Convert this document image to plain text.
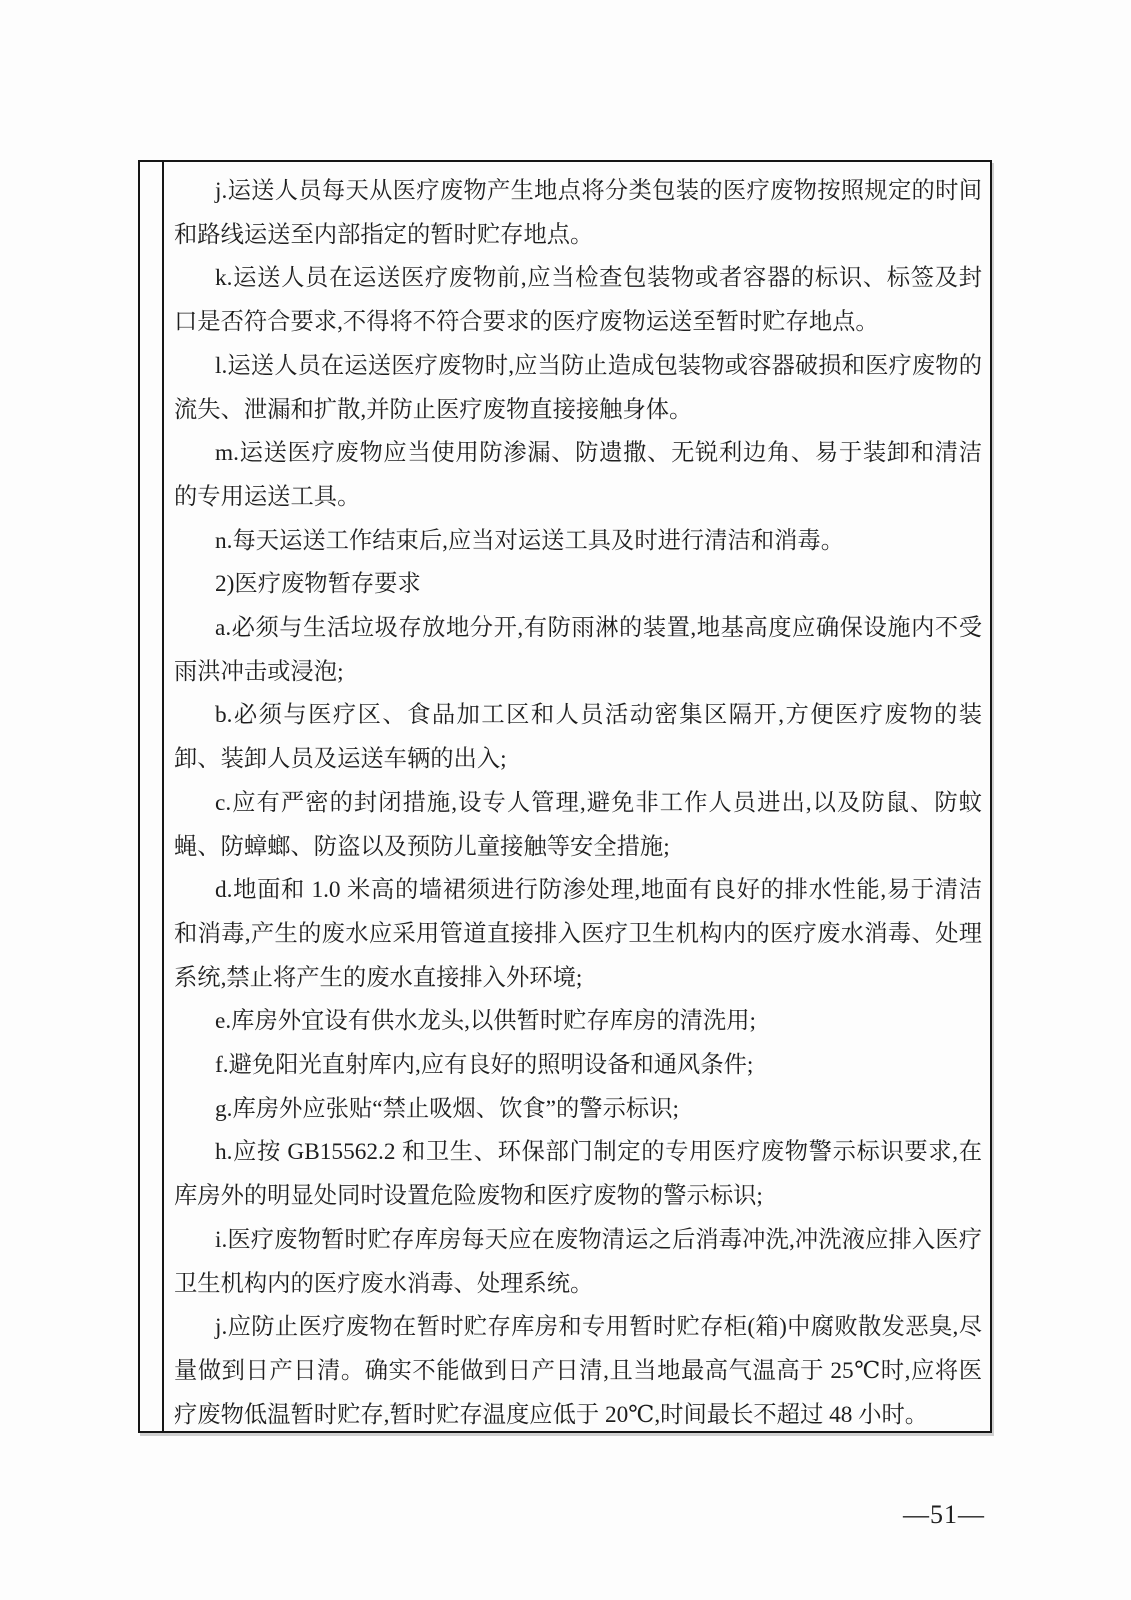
j.运送人员每天从医疗废物产生地点将分类包装的医疗废物按照规定的时间和路线运送至内部指定的暂时贮存地点。

k.运送人员在运送医疗废物前,应当检查包装物或者容器的标识、标签及封口是否符合要求,不得将不符合要求的医疗废物运送至暂时贮存地点。

l.运送人员在运送医疗废物时,应当防止造成包装物或容器破损和医疗废物的流失、泄漏和扩散,并防止医疗废物直接接触身体。

m.运送医疗废物应当使用防渗漏、防遗撒、无锐利边角、易于装卸和清洁的专用运送工具。

n.每天运送工作结束后,应当对运送工具及时进行清洁和消毒。

2)医疗废物暂存要求

a.必须与生活垃圾存放地分开,有防雨淋的装置,地基高度应确保设施内不受雨洪冲击或浸泡;

b.必须与医疗区、食品加工区和人员活动密集区隔开,方便医疗废物的装卸、装卸人员及运送车辆的出入;

c.应有严密的封闭措施,设专人管理,避免非工作人员进出,以及防鼠、防蚊蝇、防蟑螂、防盗以及预防儿童接触等安全措施;

d.地面和 1.0 米高的墙裙须进行防渗处理,地面有良好的排水性能,易于清洁和消毒,产生的废水应采用管道直接排入医疗卫生机构内的医疗废水消毒、处理系统,禁止将产生的废水直接排入外环境;

e.库房外宜设有供水龙头,以供暂时贮存库房的清洗用;

f.避免阳光直射库内,应有良好的照明设备和通风条件;

g.库房外应张贴“禁止吸烟、饮食”的警示标识;

h.应按 GB15562.2 和卫生、环保部门制定的专用医疗废物警示标识要求,在库房外的明显处同时设置危险废物和医疗废物的警示标识;

i.医疗废物暂时贮存库房每天应在废物清运之后消毒冲洗,冲洗液应排入医疗卫生机构内的医疗废水消毒、处理系统。

j.应防止医疗废物在暂时贮存库房和专用暂时贮存柜(箱)中腐败散发恶臭,尽量做到日产日清。确实不能做到日产日清,且当地最高气温高于 25℃时,应将医疗废物低温暂时贮存,暂时贮存温度应低于 20℃,时间最长不超过 48 小时。

—51—
